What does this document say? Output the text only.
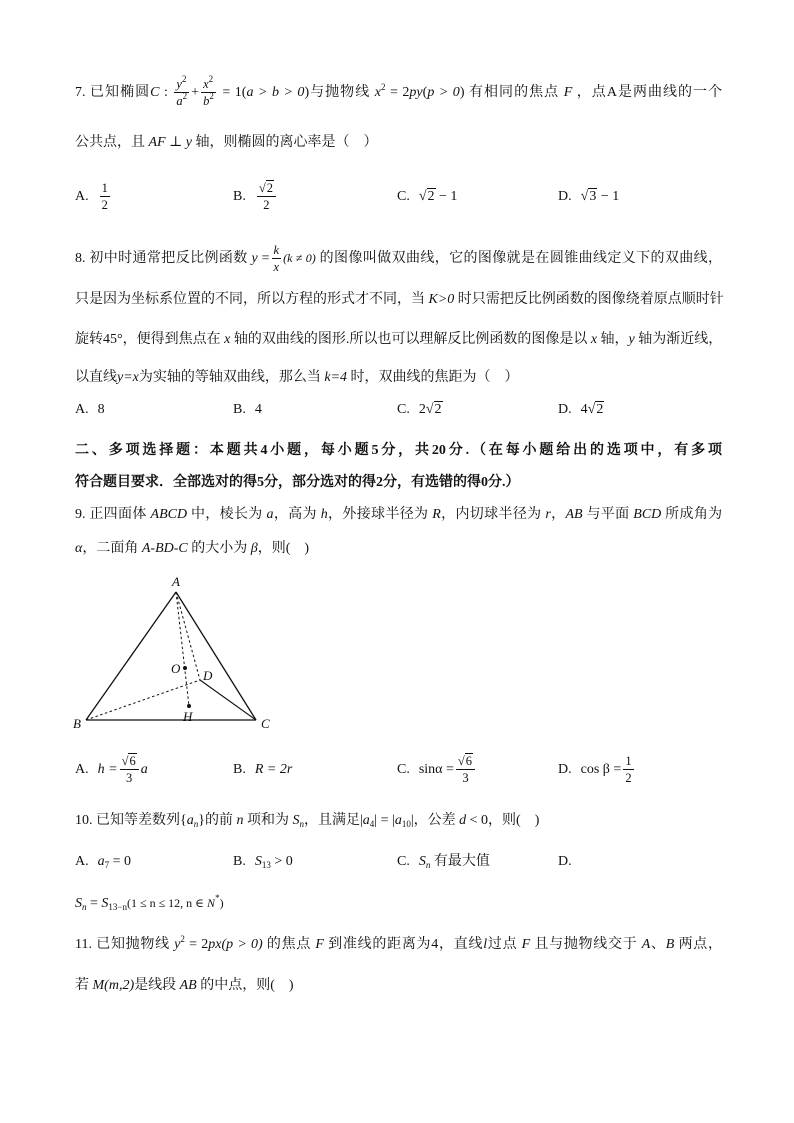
7. 已知椭圆C : $\frac{y^2}{a^2} + \frac{x^2}{b^2} = 1(a > b > 0)$与抛物线 $x^2 = 2py(p > 0)$ 有相同的焦点 F ，点A是两曲线的一个
公共点，且 AF ⊥ y 轴，则椭圆的离心率是（    ）
A. $\frac{1}{2}$	B. $\frac{√2}{2}$	C. √2 − 1	D. √3 − 1
8. 初中时通常把反比例函数 $y = \frac{k}{x} (k \ne 0)$ 的图像叫做双曲线，它的图像就是在圆锥曲线定义下的双曲线，
只是因为坐标系位置的不同，所以方程的形式才不同，当 K>0 时只需把反比例函数的图像绕着原点顺时针
旋转45°，便得到焦点在 x 轴的双曲线的图形.所以也可以理解反比例函数的图像是以 x 轴，y 轴为渐近线，
以直线y=x为实轴的等轴双曲线，那么当 k=4 时，双曲线的焦距为（    ）
A. 8	B. 4	C. 2√2	D. 4√2
二、多项选择题：本题共4小题，每小题5分，共20分.（在每小题给出的选项中，有多项
符合题目要求．全部选对的得5分，部分选对的得2分，有选错的得0分.）
9. 正四面体 ABCD 中，棱长为 a，高为 h，外接球半径为 R，内切球半径为 r，AB 与平面 BCD 所成角为
α，二面角 A-BD-C 的大小为 β，则(    )
A
O D
B	H	C
A. $h = \frac{√6}{3}$ a	B. R = 2r	C. $\sin\alpha = \frac{√6}{3}$	D. $\cos \beta = \frac{1}{2}$
10. 已知等差数列$\{a_n\}$的前 n 项和为 $S_n$，且满足$|a_4| = |a_{10}|$，公差 d < 0，则(    )
A. $a_7 = 0$	B. $S_{13} > 0$	C. $S_n$ 有最大值	D.
$S_n = S_{13-n}(1 \le n \le 12$, n ∈ N*)
11. 已知抛物线 $y^2 = 2px(p > 0)$ 的焦点 F 到准线的距离为4，直线l过点 F 且与抛物线交于 A、B 两点，
若 M(m,2)是线段 AB 的中点，则(    )
